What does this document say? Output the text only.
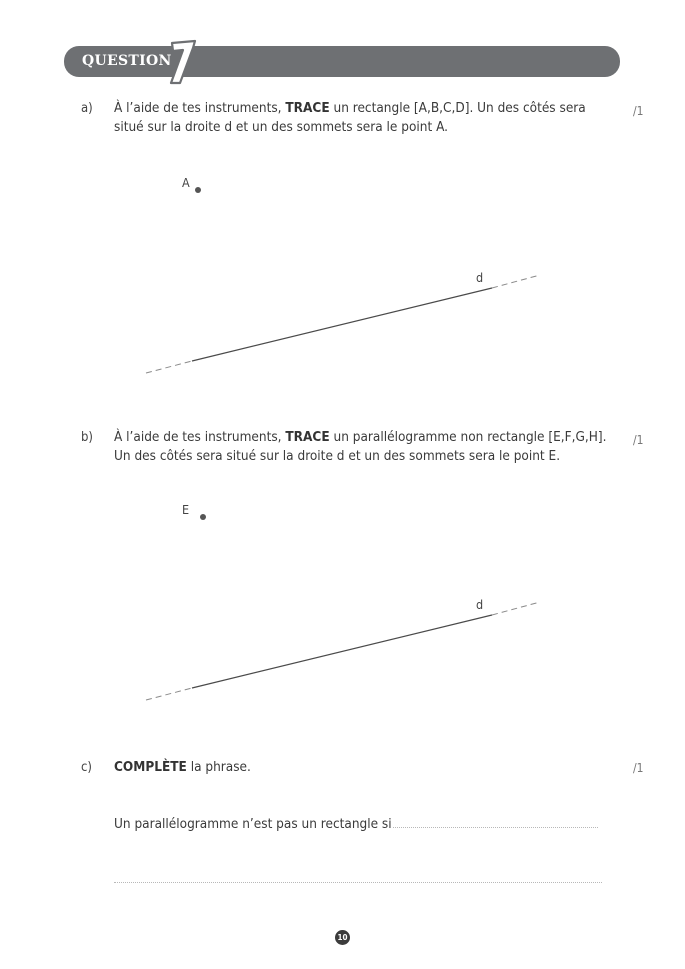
QUESTION
a) À l’aide de tes instruments, TRACE un rectangle [A,B,C,D]. Un des côtés sera situé sur la droite d et un des sommets sera le point A.
/1
A
d
b) À l’aide de tes instruments, TRACE un parallélogramme non rectangle [E,F,G,H]. Un des côtés sera situé sur la droite d et un des sommets sera le point E.
/1
E
d
c) COMPLÈTE la phrase.	/1
Un parallélogramme n’est pas un rectangle si
10
